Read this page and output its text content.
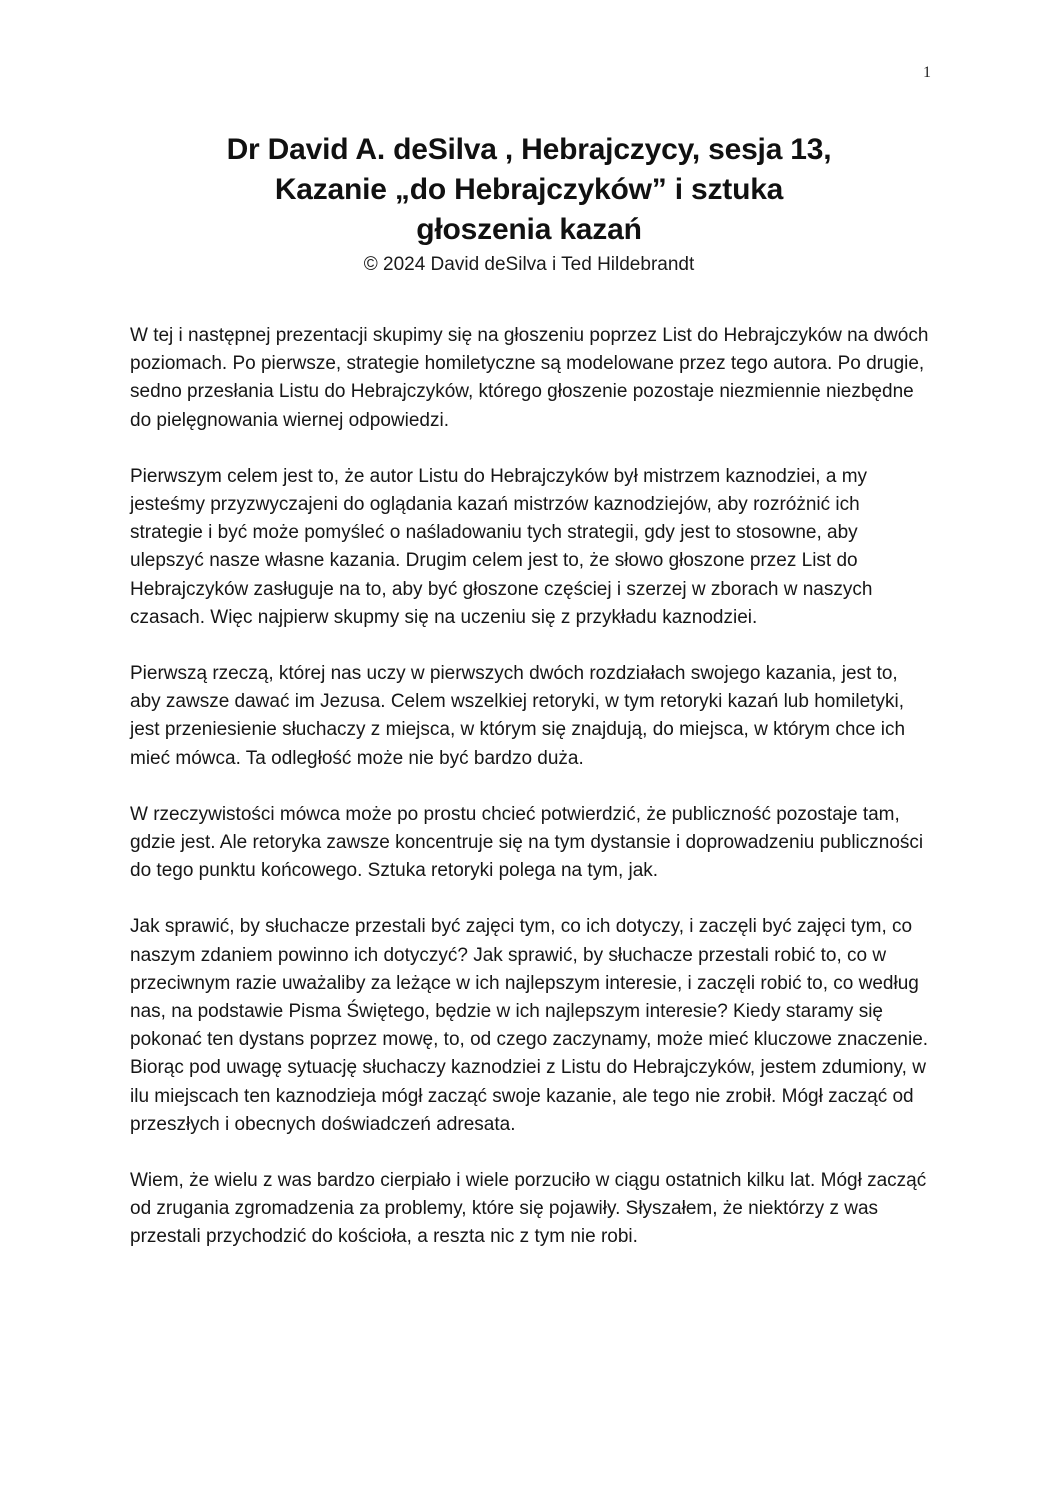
1
Dr David A. deSilva , Hebrajczycy, sesja 13,
Kazanie „do Hebrajczyków” i sztuka
głoszenia kazań
© 2024 David deSilva i Ted Hildebrandt

W tej i następnej prezentacji skupimy się na głoszeniu poprzez List do Hebrajczyków na dwóch poziomach. Po pierwsze, strategie homiletyczne są modelowane przez tego autora. Po drugie, sedno przesłania Listu do Hebrajczyków, którego głoszenie pozostaje niezmiennie niezbędne do pielęgnowania wiernej odpowiedzi.

Pierwszym celem jest to, że autor Listu do Hebrajczyków był mistrzem kaznodziei, a my jesteśmy przyzwyczajeni do oglądania kazań mistrzów kaznodziejów, aby rozróżnić ich strategie i być może pomyśleć o naśladowaniu tych strategii, gdy jest to stosowne, aby ulepszyć nasze własne kazania. Drugim celem jest to, że słowo głoszone przez List do Hebrajczyków zasługuje na to, aby być głoszone częściej i szerzej w zborach w naszych czasach. Więc najpierw skupmy się na uczeniu się z przykładu kaznodziei.

Pierwszą rzeczą, której nas uczy w pierwszych dwóch rozdziałach swojego kazania, jest to, aby zawsze dawać im Jezusa. Celem wszelkiej retoryki, w tym retoryki kazań lub homiletyki, jest przeniesienie słuchaczy z miejsca, w którym się znajdują, do miejsca, w którym chce ich mieć mówca. Ta odległość może nie być bardzo duża.

W rzeczywistości mówca może po prostu chcieć potwierdzić, że publiczność pozostaje tam, gdzie jest. Ale retoryka zawsze koncentruje się na tym dystansie i doprowadzeniu publiczności do tego punktu końcowego. Sztuka retoryki polega na tym, jak.

Jak sprawić, by słuchacze przestali być zajęci tym, co ich dotyczy, i zaczęli być zajęci tym, co naszym zdaniem powinno ich dotyczyć? Jak sprawić, by słuchacze przestali robić to, co w przeciwnym razie uważaliby za leżące w ich najlepszym interesie, i zaczęli robić to, co według nas, na podstawie Pisma Świętego, będzie w ich najlepszym interesie? Kiedy staramy się pokonać ten dystans poprzez mowę, to, od czego zaczynamy, może mieć kluczowe znaczenie. Biorąc pod uwagę sytuację słuchaczy kaznodziei z Listu do Hebrajczyków, jestem zdumiony, w ilu miejscach ten kaznodzieja mógł zacząć swoje kazanie, ale tego nie zrobił. Mógł zacząć od przeszłych i obecnych doświadczeń adresata.

Wiem, że wielu z was bardzo cierpiało i wiele porzuciło w ciągu ostatnich kilku lat. Mógł zacząć od zrugania zgromadzenia za problemy, które się pojawiły. Słyszałem, że niektórzy z was przestali przychodzić do kościoła, a reszta nic z tym nie robi.
